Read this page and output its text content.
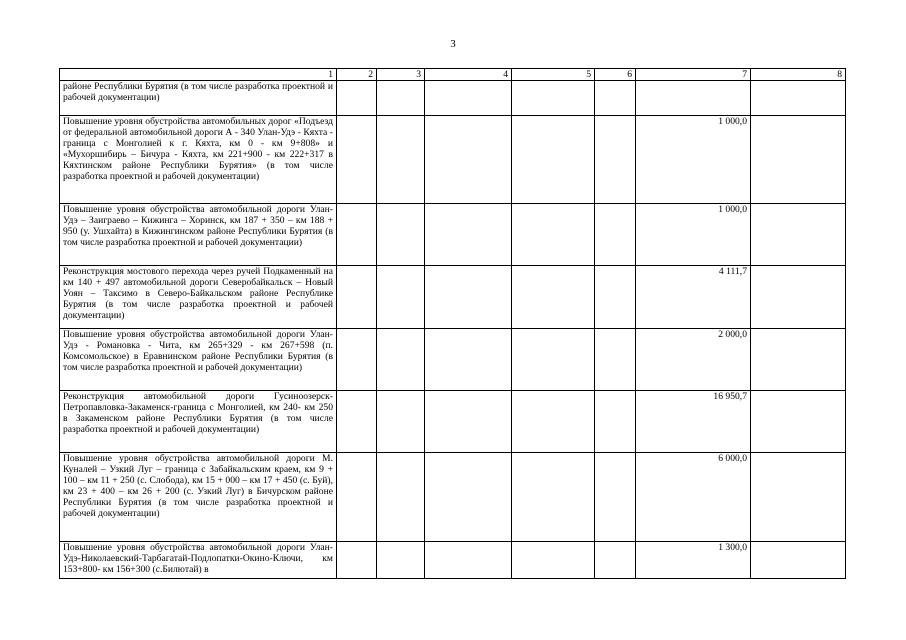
3
1	2	3	4	5	6	7	8
районе Республики Бурятия (в том числе разработка проектной и рабочей документации)							
Повышение уровня обустройства автомобильных дорог «Подъезд от федеральной автомобильной дороги А - 340 Улан-Удэ - Кяхта - граница с Монголией к г. Кяхта, км 0 - км 9+808» и «Мухоршибирь – Бичура - Кяхта, км 221+900 - км 222+317 в Кяхтинском районе Республики Бурятия» (в том числе разработка проектной и рабочей документации)						1 000,0	
Повышение уровня обустройства автомобильной дороги Улан-Удэ – Заиграево – Кижинга – Хоринск, км 187 + 350 – км 188 + 950 (у. Ушхайта) в Кижингинском районе Республики Бурятия (в том числе разработка проектной и рабочей документации)						1 000,0	
Реконструкция мостового перехода через ручей Подкаменный на км 140 + 497 автомобильной дороги Северобайкальск – Новый Уоян – Таксимо в Северо-Байкальском районе Республике Бурятия (в том числе разработка проектной и рабочей документации)						4 111,7	
Повышение уровня обустройства автомобильной дороги Улан-Удэ - Романовка - Чита, км 265+329 - км 267+598 (п. Комсомольское) в Еравнинском районе Республики Бурятия (в том числе разработка проектной и рабочей документации)						2 000,0	
Реконструкция автомобильной дороги Гусиноозерск-Петропавловка-Закаменск-граница с Монголией, км 240- км 250 в Закаменском районе Республики Бурятия (в том числе разработка проектной и рабочей документации)						16 950,7	
Повышение уровня обустройства автомобильной дороги М. Куналей – Узкий Луг – граница с Забайкальским краем, км 9 + 100 – км 11 + 250 (с. Слобода), км 15 + 000 – км 17 + 450 (с. Буй), км 23 + 400 – км 26 + 200 (с. Узкий Луг) в Бичурском районе Республики Бурятия (в том числе разработка проектной и рабочей документации)						6 000,0	
Повышение уровня обустройства автомобильной дороги Улан-Удэ-Николаевский-Тарбагатай-Подлопатки-Окино-Ключи, км 153+800- км 156+300 (с.Билютай) в						1 300,0	
